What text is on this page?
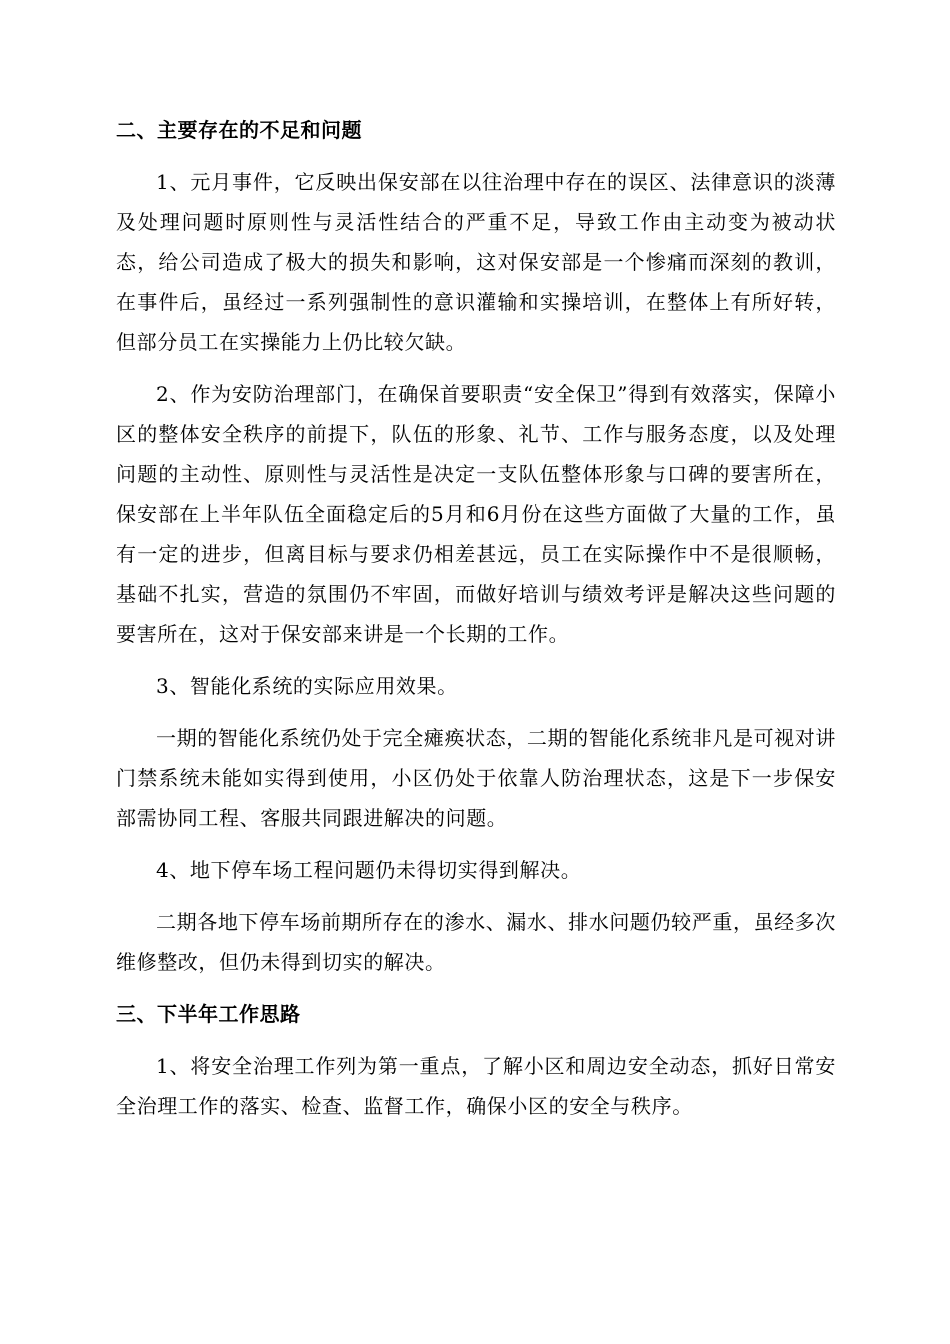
二、主要存在的不足和问题

1、元月事件，它反映出保安部在以往治理中存在的误区、法律意识的淡薄及处理问题时原则性与灵活性结合的严重不足，导致工作由主动变为被动状态，给公司造成了极大的损失和影响，这对保安部是一个惨痛而深刻的教训，在事件后，虽经过一系列强制性的意识灌输和实操培训，在整体上有所好转，但部分员工在实操能力上仍比较欠缺。

2、作为安防治理部门，在确保首要职责“安全保卫”得到有效落实，保障小区的整体安全秩序的前提下，队伍的形象、礼节、工作与服务态度，以及处理问题的主动性、原则性与灵活性是决定一支队伍整体形象与口碑的要害所在，保安部在上半年队伍全面稳定后的5月和6月份在这些方面做了大量的工作，虽有一定的进步，但离目标与要求仍相差甚远，员工在实际操作中不是很顺畅，基础不扎实，营造的氛围仍不牢固，而做好培训与绩效考评是解决这些问题的要害所在，这对于保安部来讲是一个长期的工作。

3、智能化系统的实际应用效果。

一期的智能化系统仍处于完全瘫痪状态，二期的智能化系统非凡是可视对讲门禁系统未能如实得到使用，小区仍处于依靠人防治理状态，这是下一步保安部需协同工程、客服共同跟进解决的问题。

4、地下停车场工程问题仍未得切实得到解决。

二期各地下停车场前期所存在的渗水、漏水、排水问题仍较严重，虽经多次维修整改，但仍未得到切实的解决。

三、下半年工作思路

1、将安全治理工作列为第一重点，了解小区和周边安全动态，抓好日常安全治理工作的落实、检查、监督工作，确保小区的安全与秩序。
